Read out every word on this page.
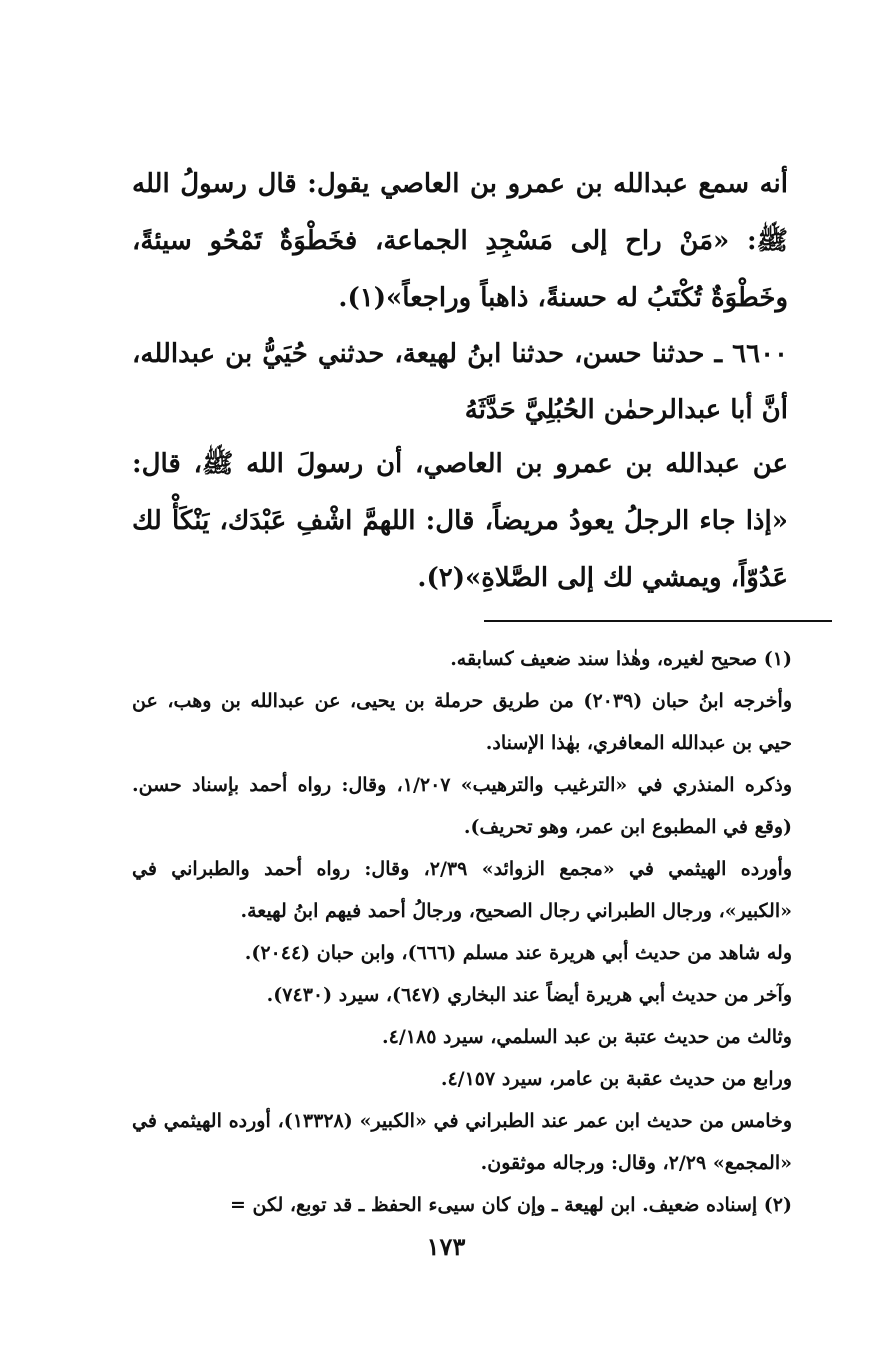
أنه سمع عبدالله بن عمرو بن العاصي يقول: قال رسولُ الله ﷺ: «مَنْ راح إلى مَسْجِدِ الجماعة، فخَطْوَةٌ تَمْحُو سيئةً، وخَطْوَةٌ تُكْتَبُ له حسنةً، ذاهباً وراجعاً»(١).

٦٦٠٠ ـ حدثنا حسن، حدثنا ابنُ لهيعة، حدثني حُيَيُّ بن عبدالله، أنَّ أبا عبدالرحمٰن الحُبُلِيَّ حَدَّثَهُ

عن عبدالله بن عمرو بن العاصي، أن رسولَ الله ﷺ، قال: «إذا جاء الرجلُ يعودُ مريضاً، قال: اللهمَّ اشْفِ عَبْدَك، يَنْكَأْ لك عَدُوّاً، ويمشي لك إلى الصَّلاةِ»(٢).

(١) صحيح لغيره، وهٰذا سند ضعيف كسابقه.

وأخرجه ابنُ حبان (٢٠٣٩) من طريق حرملة بن يحيى، عن عبدالله بن وهب، عن حيي بن عبدالله المعافري، بهٰذا الإسناد.

وذكره المنذري في «الترغيب والترهيب» ١/٢٠٧، وقال: رواه أحمد بإسناد حسن. (وقع في المطبوع ابن عمر، وهو تحريف).

وأورده الهيثمي في «مجمع الزوائد» ٢/٣٩، وقال: رواه أحمد والطبراني في «الكبير»، ورجال الطبراني رجال الصحيح، ورجالُ أحمد فيهم ابنُ لهيعة.

وله شاهد من حديث أبي هريرة عند مسلم (٦٦٦)، وابن حبان (٢٠٤٤).

وآخر من حديث أبي هريرة أيضاً عند البخاري (٦٤٧)، سيرد (٧٤٣٠).

وثالث من حديث عتبة بن عبد السلمي، سيرد ٤/١٨٥.

ورابع من حديث عقبة بن عامر، سيرد ٤/١٥٧.

وخامس من حديث ابن عمر عند الطبراني في «الكبير» (١٣٣٢٨)، أورده الهيثمي في «المجمع» ٢/٢٩، وقال: ورجاله موثقون.

(٢) إسناده ضعيف. ابن لهيعة ـ وإن كان سيىء الحفظ ـ قد توبع، لكن =

١٧٣
